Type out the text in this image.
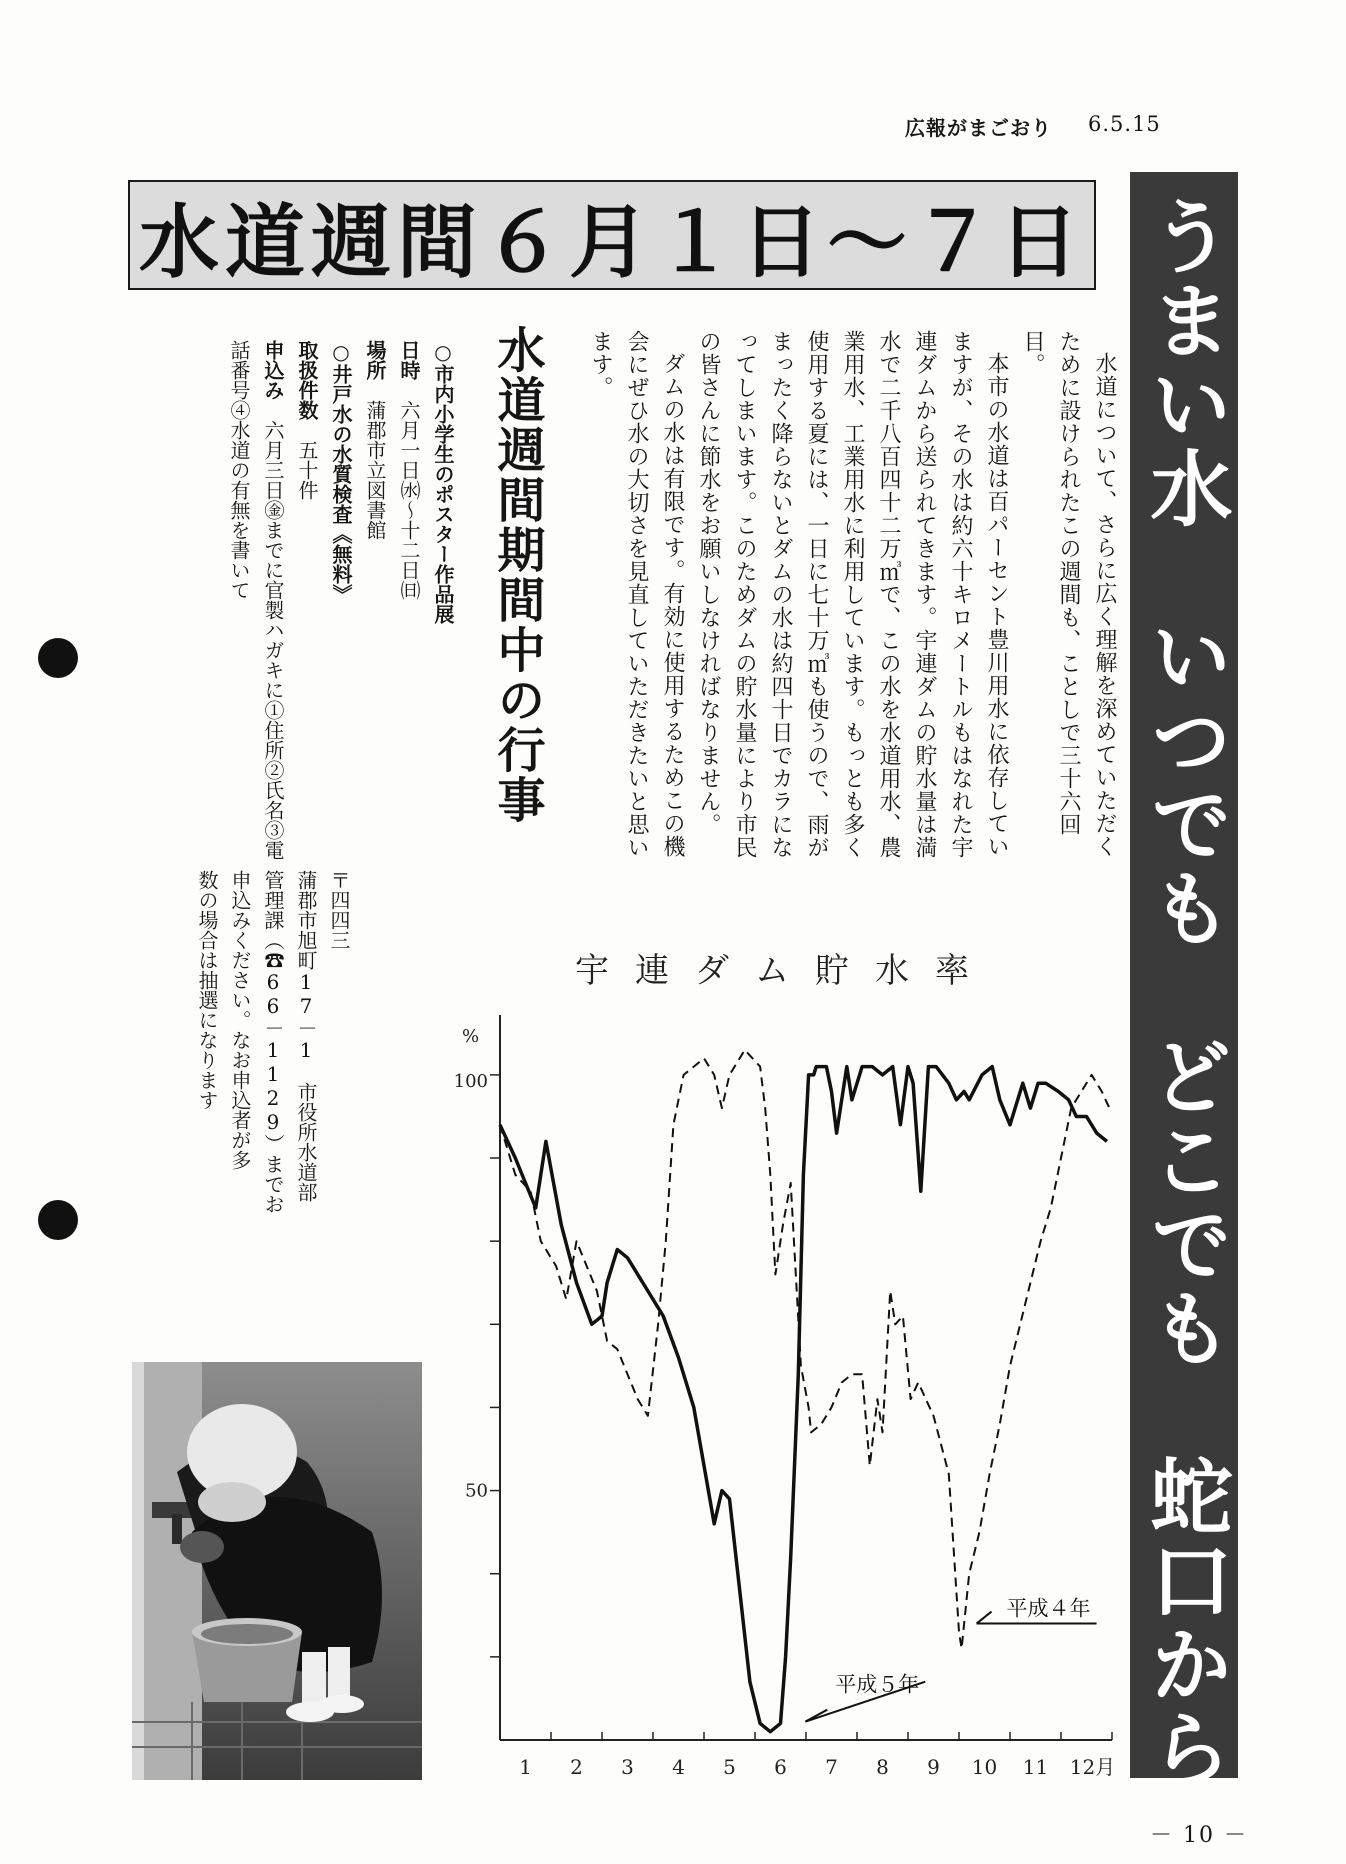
広報がまごおり 6.5.15
水道週間６月１日～７日 うまい水　いつでも　どこでも　蛇口から

水道について、さらに広く理解を深めていただくために設けられたこの週間も、ことしで三十六回目。

本市の水道は百パーセント豊川用水に依存していますが、その水は約六十キロメートルもはなれた宇連ダムから送られてきます。宇連ダムの貯水量は満水で二千八百四十二万㎥で、この水を水道用水、農業用水、工業用水に利用しています。もっとも多く使用する夏には、一日に七十万㎥も使うので、雨がまったく降らないとダムの水は約四十日でカラになってしまいます。このためダムの貯水量により市民の皆さんに節水をお願いしなければなりません。

ダムの水は有限です。有効に使用するためこの機会にぜひ水の大切さを見直していただきたいと思います。

水道週間期間中の行事

○市内小学生のポスター作品展

日時　六月一日㈬～十二日㈰

場所　蒲郡市立図書館

○井戸水の水質検査《無料》

取扱件数　五十件

申込み　六月三日㊎までに官製ハガキに①住所②氏名③電話番号④水道の有無を書いて

〒四四三

蒲郡市旭町17－1　市役所水道部

管理課（☎66－1129）までお

申込みください。なお申込者が多

数の場合は抽選になります	宇連ダム貯水率
%
100
50
1 2 3 4 5 6 7 8 9 10 11 12月
平成４年
平成５年
－ 10 －
